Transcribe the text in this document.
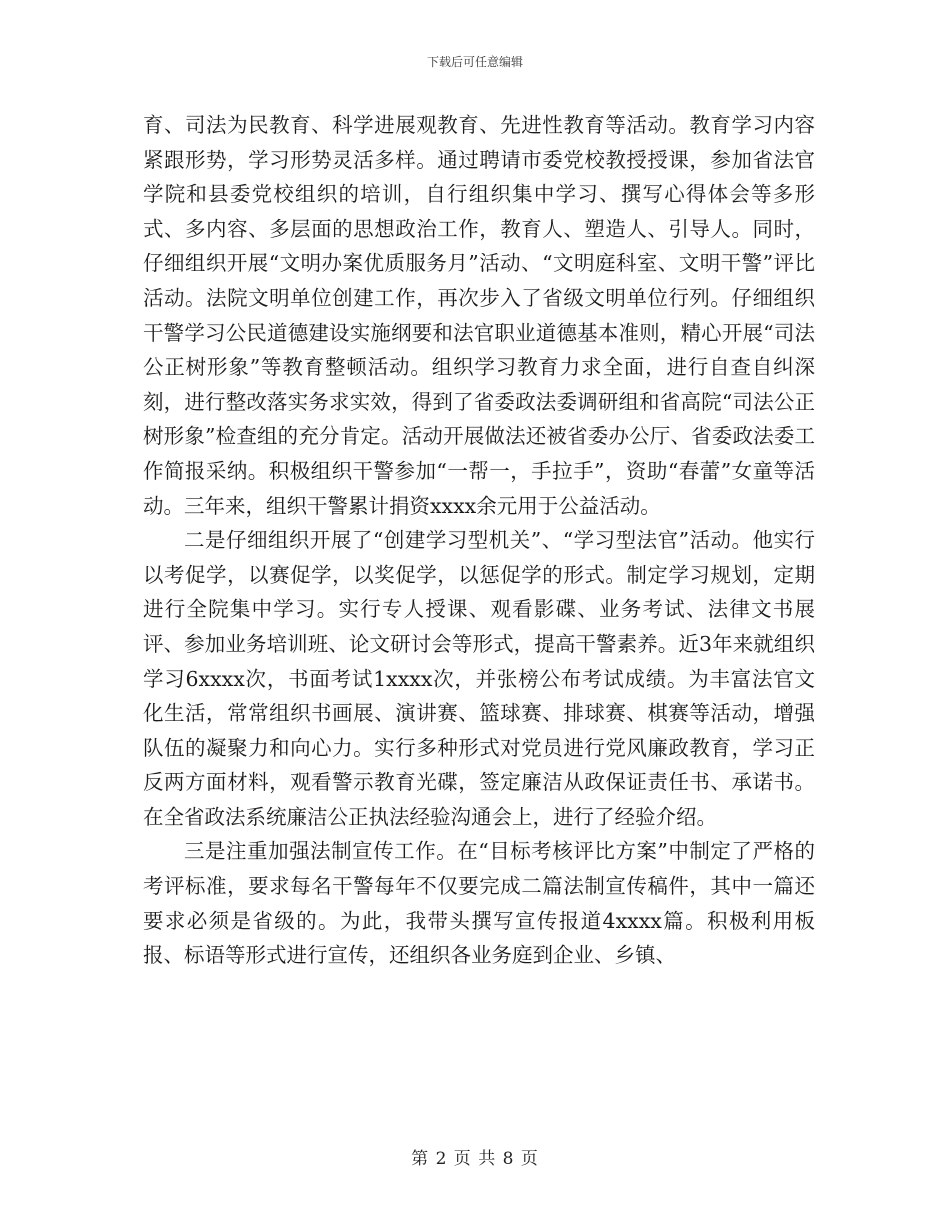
下载后可任意编辑

育、司法为民教育、科学进展观教育、先进性教育等活动。教育学习内容紧跟形势，学习形势灵活多样。通过聘请市委党校教授授课，参加省法官学院和县委党校组织的培训，自行组织集中学习、撰写心得体会等多形式、多内容、多层面的思想政治工作，教育人、塑造人、引导人。同时，仔细组织开展“文明办案优质服务月”活动、“文明庭科室、文明干警”评比活动。法院文明单位创建工作，再次步入了省级文明单位行列。仔细组织干警学习公民道德建设实施纲要和法官职业道德基本准则，精心开展“司法公正树形象”等教育整顿活动。组织学习教育力求全面，进行自查自纠深刻，进行整改落实务求实效，得到了省委政法委调研组和省高院“司法公正树形象”检查组的充分肯定。活动开展做法还被省委办公厅、省委政法委工作简报采纳。积极组织干警参加“一帮一，手拉手”，资助“春蕾”女童等活动。三年来，组织干警累计捐资xxxx余元用于公益活动。

二是仔细组织开展了“创建学习型机关”、“学习型法官”活动。他实行以考促学，以赛促学，以奖促学，以惩促学的形式。制定学习规划，定期进行全院集中学习。实行专人授课、观看影碟、业务考试、法律文书展评、参加业务培训班、论文研讨会等形式，提高干警素养。近3年来就组织学习6xxxx次，书面考试1xxxx次，并张榜公布考试成绩。为丰富法官文化生活，常常组织书画展、演讲赛、篮球赛、排球赛、棋赛等活动，增强队伍的凝聚力和向心力。实行多种形式对党员进行党风廉政教育，学习正反两方面材料，观看警示教育光碟，签定廉洁从政保证责任书、承诺书。在全省政法系统廉洁公正执法经验沟通会上，进行了经验介绍。

三是注重加强法制宣传工作。在“目标考核评比方案”中制定了严格的考评标准，要求每名干警每年不仅要完成二篇法制宣传稿件，其中一篇还要求必须是省级的。为此，我带头撰写宣传报道4xxxx篇。积极利用板报、标语等形式进行宣传，还组织各业务庭到企业、乡镇、

第 2 页 共 8 页
